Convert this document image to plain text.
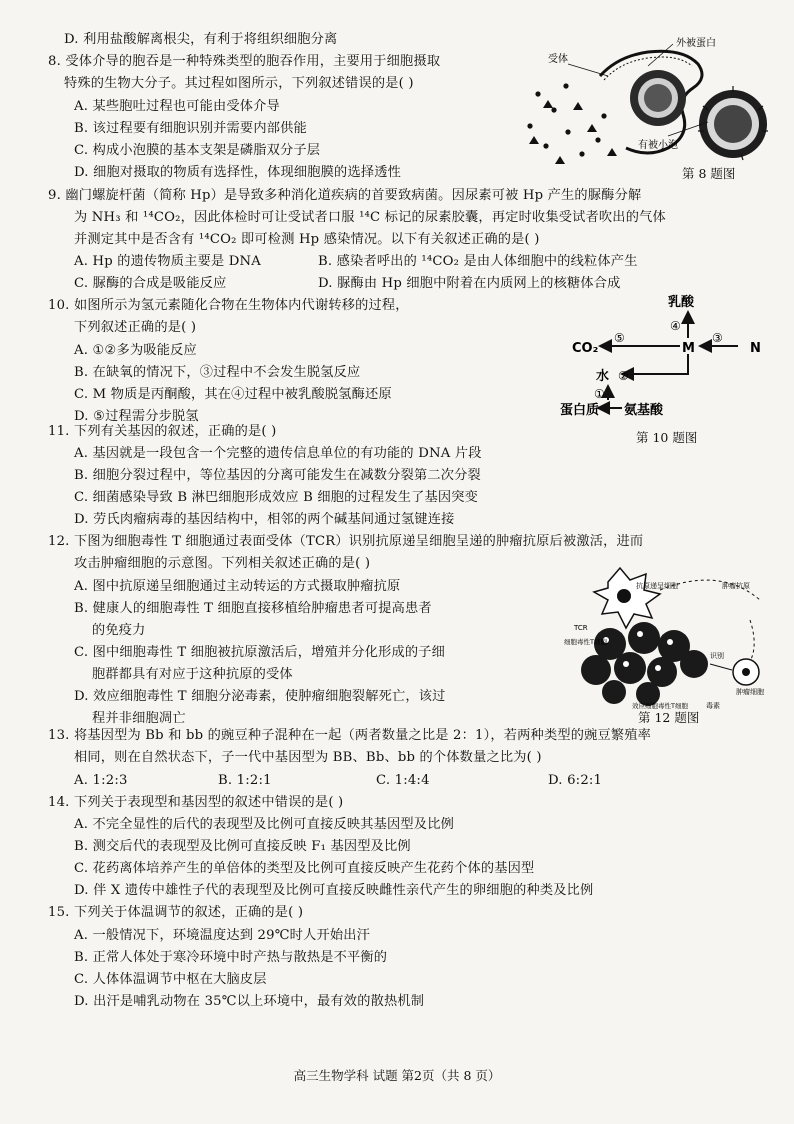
D. 利用盐酸解离根尖，有利于将组织细胞分离
8. 受体介导的胞吞是一种特殊类型的胞吞作用，主要用于细胞摄取
特殊的生物大分子。其过程如图所示，下列叙述错误的是( )
A. 某些胞吐过程也可能由受体介导
B. 该过程要有细胞识别并需要内部供能
C. 构成小泡膜的基本支架是磷脂双分子层
D. 细胞对摄取的物质有选择性，体现细胞膜的选择透性
受体
外被蛋白
有被小泡
第 8 题图
9. 幽门螺旋杆菌（简称 Hp）是导致多种消化道疾病的首要致病菌。因尿素可被 Hp 产生的脲酶分解
为 NH₃ 和 ¹⁴CO₂，因此体检时可让受试者口服 ¹⁴C 标记的尿素胶囊，再定时收集受试者吹出的气体
并测定其中是否含有 ¹⁴CO₂ 即可检测 Hp 感染情况。以下有关叙述正确的是( )
A. Hp 的遗传物质主要是 DNA	B. 感染者呼出的 ¹⁴CO₂ 是由人体细胞中的线粒体产生
C. 脲酶的合成是吸能反应	D. 脲酶由 Hp 细胞中附着在内质网上的核糖体合成
10. 如图所示为氢元素随化合物在生物体内代谢转移的过程，
下列叙述正确的是( )
A. ①②多为吸能反应
B. 在缺氧的情况下，③过程中不会发生脱氢反应
C. M 物质是丙酮酸，其在④过程中被乳酸脱氢酶还原
D. ⑤过程需分步脱氢
乳酸
CO₂	M	N
水
蛋白质 氨基酸
④
⑤	③
②
①
第 10 题图
11. 下列有关基因的叙述，正确的是( )
A. 基因就是一段包含一个完整的遗传信息单位的有功能的 DNA 片段
B. 细胞分裂过程中，等位基因的分离可能发生在减数分裂第二次分裂
C. 细菌感染导致 B 淋巴细胞形成效应 B 细胞的过程发生了基因突变
D. 劳氏肉瘤病毒的基因结构中，相邻的两个碱基间通过氢键连接
12. 下图为细胞毒性 T 细胞通过表面受体（TCR）识别抗原递呈细胞呈递的肿瘤抗原后被激活，进而
攻击肿瘤细胞的示意图。下列相关叙述正确的是( )
A. 图中抗原递呈细胞通过主动转运的方式摄取肿瘤抗原
B. 健康人的细胞毒性 T 细胞直接移植给肿瘤患者可提高患者
的免疫力
C. 图中细胞毒性 T 细胞被抗原激活后，增殖并分化形成的子细
胞群都具有对应于这种抗原的受体
D. 效应细胞毒性 T 细胞分泌毒素，使肿瘤细胞裂解死亡，该过
程并非细胞凋亡
抗原递呈细胞	肿瘤抗原
TCR
细胞毒性T细胞
识别
肿瘤细胞
效应细胞毒性T细胞	毒素
第 12 题图
13. 将基因型为 Bb 和 bb 的豌豆种子混种在一起（两者数量之比是 2：1），若两种类型的豌豆繁殖率
相同，则在自然状态下，子一代中基因型为 BB、Bb、bb 的个体数量之比为( )
A. 1:2:3	B. 1:2:1	C. 1:4:4	D. 6:2:1
14. 下列关于表现型和基因型的叙述中错误的是( )
A. 不完全显性的后代的表现型及比例可直接反映其基因型及比例
B. 测交后代的表现型及比例可直接反映 F₁ 基因型及比例
C. 花药离体培养产生的单倍体的类型及比例可直接反映产生花药个体的基因型
D. 伴 X 遗传中雄性子代的表现型及比例可直接反映雌性亲代产生的卵细胞的种类及比例
15. 下列关于体温调节的叙述，正确的是( )
A. 一般情况下，环境温度达到 29℃时人开始出汗
B. 正常人体处于寒冷环境中时产热与散热是不平衡的
C. 人体体温调节中枢在大脑皮层
D. 出汗是哺乳动物在 35℃以上环境中，最有效的散热机制
高三生物学科 试题 第2页（共 8 页）
